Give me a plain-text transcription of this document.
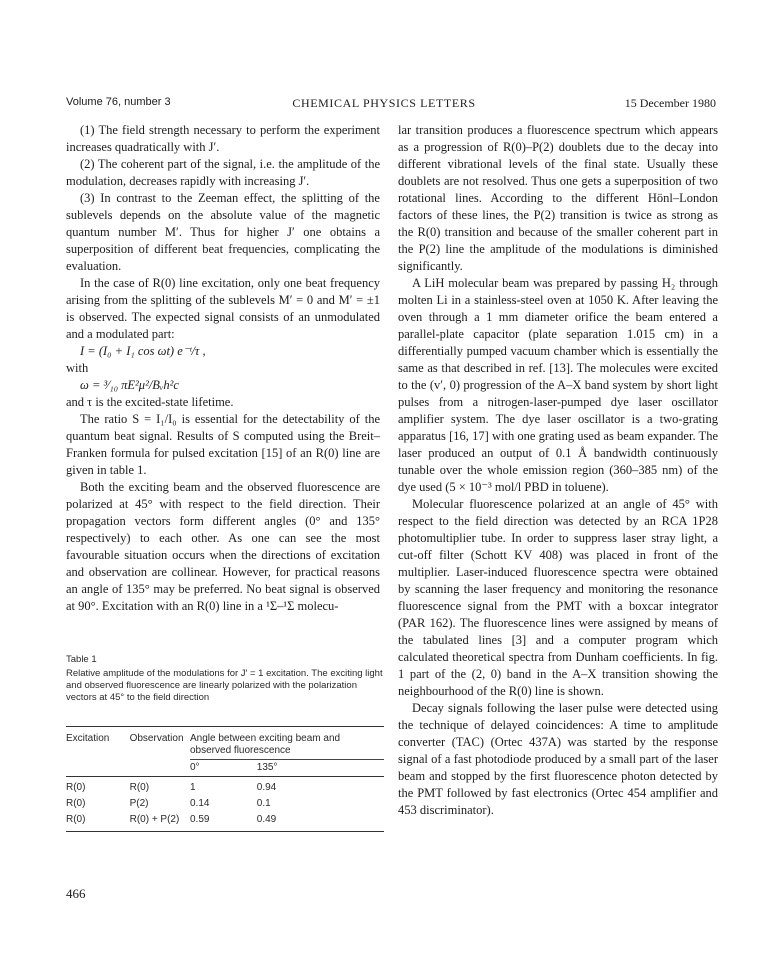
Volume 76, number 3	CHEMICAL PHYSICS LETTERS	15 December 1980

(1) The field strength necessary to perform the experiment increases quadratically with J′.

(2) The coherent part of the signal, i.e. the amplitude of the modulation, decreases rapidly with increasing J′.

(3) In contrast to the Zeeman effect, the splitting of the sublevels depends on the absolute value of the magnetic quantum number M′. Thus for higher J′ one obtains a superposition of different beat frequencies, complicating the evaluation.

In the case of R(0) line excitation, only one beat frequency arising from the splitting of the sublevels M′ = 0 and M′ = ±1 is observed. The expected signal consists of an unmodulated and a modulated part:

I = (I₀ + I₁ cos ωt) e⁻ᵗ/τ ,

with

ω = ³⁄₁₀ πE²μ²/Bᵥh²c

and τ is the excited-state lifetime.

The ratio S = I₁/I₀ is essential for the detectability of the quantum beat signal. Results of S computed using the Breit–Franken formula for pulsed excitation [15] of an R(0) line are given in table 1.

Both the exciting beam and the observed fluorescence are polarized at 45° with respect to the field direction. Their propagation vectors form different angles (0° and 135° respectively) to each other. As one can see the most favourable situation occurs when the directions of excitation and observation are collinear. However, for practical reasons an angle of 135° may be preferred. No beat signal is observed at 90°. Excitation with an R(0) line in a ¹Σ–¹Σ molecu-

Table 1

Relative amplitude of the modulations for J′ = 1 excitation. The exciting light and observed fluorescence are linearly polarized with the polarization vectors at 45° to the field direction

Excitation	Observation	Angle between exciting beam and observed fluorescence	
		0°	135°
R(0)	R(0)	1	0.94
R(0)	P(2)	0.14	0.1
R(0)	R(0) + P(2)	0.59	0.49

lar transition produces a fluorescence spectrum which appears as a progression of R(0)–P(2) doublets due to the decay into different vibrational levels of the final state. Usually these doublets are not resolved. Thus one gets a superposition of two rotational lines. According to the different Hönl–London factors of these lines, the P(2) transition is twice as strong as the R(0) transition and because of the smaller coherent part in the P(2) line the amplitude of the modulations is diminished significantly.

A LiH molecular beam was prepared by passing H₂ through molten Li in a stainless-steel oven at 1050 K. After leaving the oven through a 1 mm diameter orifice the beam entered a parallel-plate capacitor (plate separation 1.015 cm) in a differentially pumped vacuum chamber which is essentially the same as that described in ref. [13]. The molecules were excited to the (v′, 0) progression of the A–X band system by short light pulses from a nitrogen-laser-pumped dye laser oscillator amplifier system. The dye laser oscillator is a two-grating apparatus [16, 17] with one grating used as beam expander. The laser produced an output of 0.1 Å bandwidth continuously tunable over the whole emission region (360–385 nm) of the dye used (5 × 10⁻³ mol/l PBD in toluene).

Molecular fluorescence polarized at an angle of 45° with respect to the field direction was detected by an RCA 1P28 photomultiplier tube. In order to suppress laser stray light, a cut-off filter (Schott KV 408) was placed in front of the multiplier. Laser-induced fluorescence spectra were obtained by scanning the laser frequency and monitoring the resonance fluorescence signal from the PMT with a boxcar integrator (PAR 162). The fluorescence lines were assigned by means of the tabulated lines [3] and a computer program which calculated theoretical spectra from Dunham coefficients. In fig. 1 part of the (2, 0) band in the A–X transition showing the neighbourhood of the R(0) line is shown.

Decay signals following the laser pulse were detected using the technique of delayed coincidences: A time to amplitude converter (TAC) (Ortec 437A) was started by the response signal of a fast photodiode produced by a small part of the laser beam and stopped by the first fluorescence photon detected by the PMT followed by fast electronics (Ortec 454 amplifier and 453 discriminator).

466
